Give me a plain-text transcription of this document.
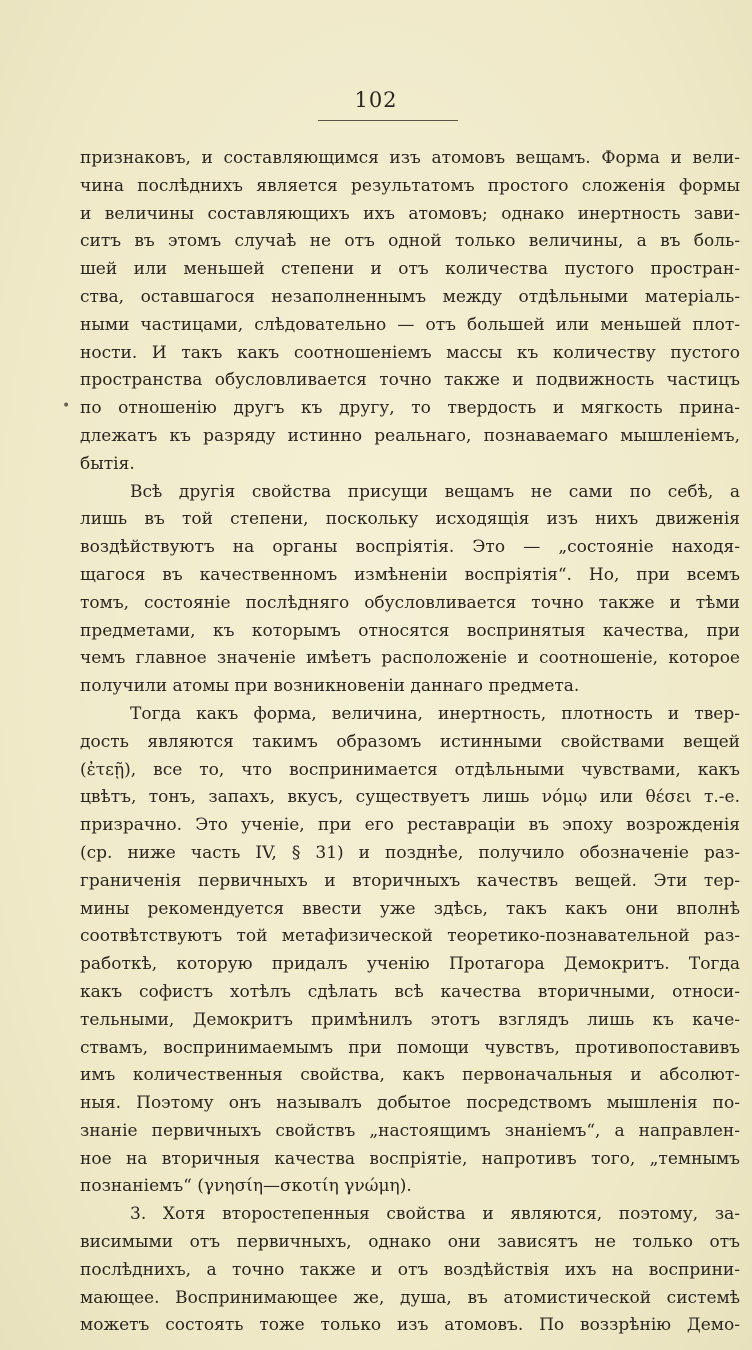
102
•
признаковъ, и составляющимся изъ атомовъ вещамъ. Форма и вели-
чина послѣднихъ является результатомъ простого сложенія формы
и величины составляющихъ ихъ атомовъ; однако инертность зави-
ситъ въ этомъ случаѣ не отъ одной только величины, а въ боль-
шей или меньшей степени и отъ количества пустого простран-
ства, оставшагося незаполненнымъ между отдѣльными матеріаль-
ными частицами, слѣдовательно — отъ большей или меньшей плот-
ности. И такъ какъ соотношеніемъ массы къ количеству пустого
пространства обусловливается точно также и подвижность частицъ
по отношенію другъ къ другу, то твердость и мягкость прина-
длежатъ къ разряду истинно реальнаго, познаваемаго мышленіемъ,
бытія.
Всѣ другія свойства присущи вещамъ не сами по себѣ, а
лишь въ той степени, поскольку исходящія изъ нихъ движенія
воздѣйствуютъ на органы воспріятія. Это — „состояніе находя-
щагося въ качественномъ измѣненіи воспріятія“. Но, при всемъ
томъ, состояніе послѣдняго обусловливается точно также и тѣми
предметами, къ которымъ относятся воспринятыя качества, при
чемъ главное значеніе имѣетъ расположеніе и соотношеніе, которое
получили атомы при возникновеніи даннаго предмета.
Тогда какъ форма, величина, инертность, плотность и твер-
дость являются такимъ образомъ истинными свойствами вещей
(ἐτεῇ), все то, что воспринимается отдѣльными чувствами, какъ
цвѣтъ, тонъ, запахъ, вкусъ, существуетъ лишь νόμῳ или θέσει т.-е.
призрачно. Это ученіе, при его реставраціи въ эпоху возрожденія
(ср. ниже часть IV, § 31) и позднѣе, получило обозначеніе раз-
граниченія первичныхъ и вторичныхъ качествъ вещей. Эти тер-
мины рекомендуется ввести уже здѣсь, такъ какъ они вполнѣ
соотвѣтствуютъ той метафизической теоретико-познавательной раз-
работкѣ, которую придалъ ученію Протагора Демокритъ. Тогда
какъ софистъ хотѣлъ сдѣлать всѣ качества вторичными, относи-
тельными, Демокритъ примѣнилъ этотъ взглядъ лишь къ каче-
ствамъ, воспринимаемымъ при помощи чувствъ, противопоставивъ
имъ количественныя свойства, какъ первоначальныя и абсолют-
ныя. Поэтому онъ называлъ добытое посредствомъ мышленія по-
знаніе первичныхъ свойствъ „настоящимъ знаніемъ“, а направлен-
ное на вторичныя качества воспріятіе, напротивъ того, „темнымъ
познаніемъ“ (γνησίη—σκοτίη γνώμη).
3. Хотя второстепенныя свойства и являются, поэтому, за-
висимыми отъ первичныхъ, однако они зависятъ не только отъ
послѣднихъ, а точно также и отъ воздѣйствія ихъ на восприни-
мающее. Воспринимающее же, душа, въ атомистической системѣ
можетъ состоять тоже только изъ атомовъ. По воззрѣнію Демо-
